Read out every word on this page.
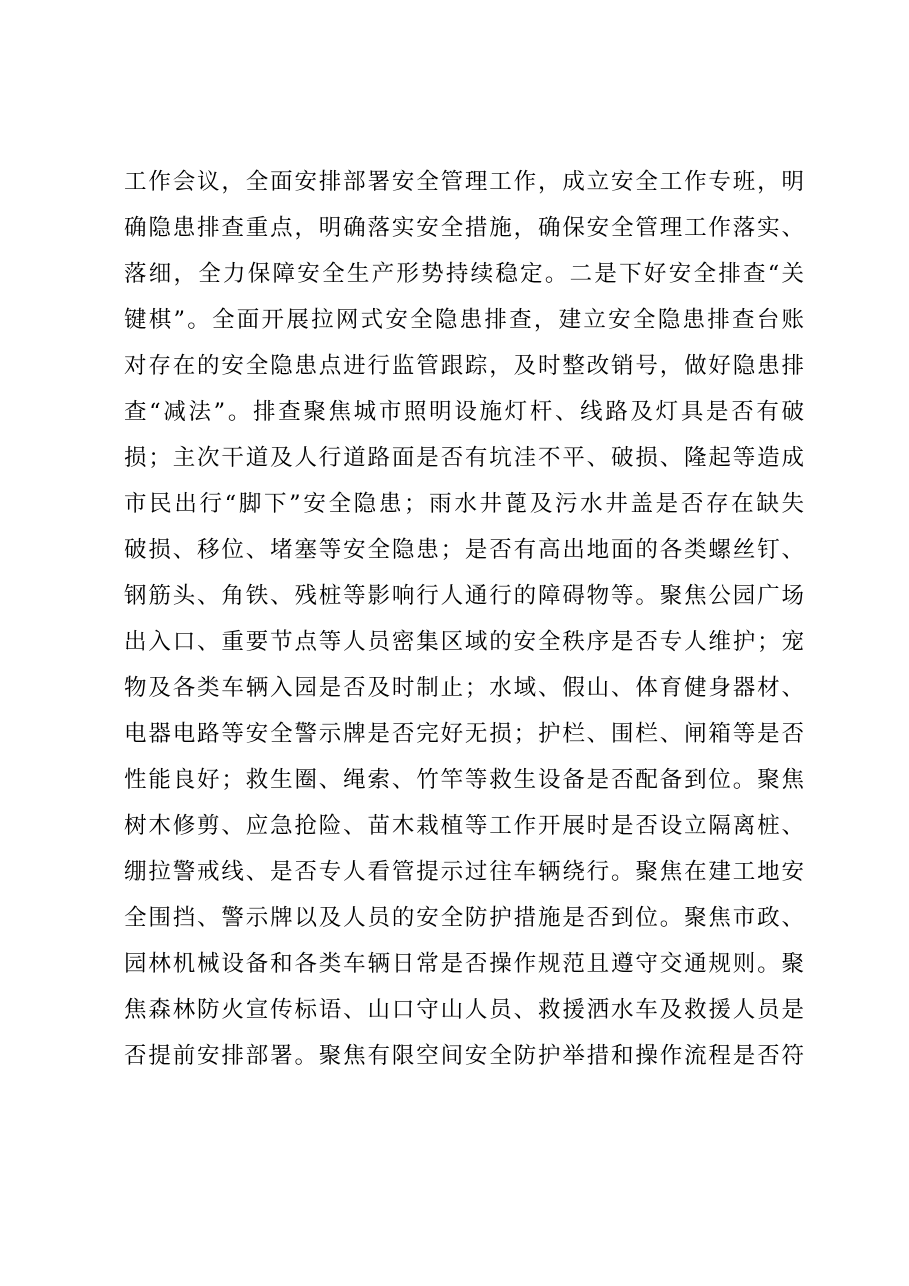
工作会议，全面安排部署安全管理工作，成立安全工作专班，明
确隐患排查重点，明确落实安全措施，确保安全管理工作落实、
落细，全力保障安全生产形势持续稳定。二是下好安全排查“关
键棋”。全面开展拉网式安全隐患排查，建立安全隐患排查台账
对存在的安全隐患点进行监管跟踪，及时整改销号，做好隐患排
查“减法”。排查聚焦城市照明设施灯杆、线路及灯具是否有破
损；主次干道及人行道路面是否有坑洼不平、破损、隆起等造成
市民出行“脚下”安全隐患；雨水井蓖及污水井盖是否存在缺失
破损、移位、堵塞等安全隐患；是否有高出地面的各类螺丝钉、
钢筋头、角铁、残桩等影响行人通行的障碍物等。聚焦公园广场
出入口、重要节点等人员密集区域的安全秩序是否专人维护；宠
物及各类车辆入园是否及时制止；水域、假山、体育健身器材、
电器电路等安全警示牌是否完好无损；护栏、围栏、闸箱等是否
性能良好；救生圈、绳索、竹竿等救生设备是否配备到位。聚焦
树木修剪、应急抢险、苗木栽植等工作开展时是否设立隔离桩、
绷拉警戒线、是否专人看管提示过往车辆绕行。聚焦在建工地安
全围挡、警示牌以及人员的安全防护措施是否到位。聚焦市政、
园林机械设备和各类车辆日常是否操作规范且遵守交通规则。聚
焦森林防火宣传标语、山口守山人员、救援洒水车及救援人员是
否提前安排部署。聚焦有限空间安全防护举措和操作流程是否符
